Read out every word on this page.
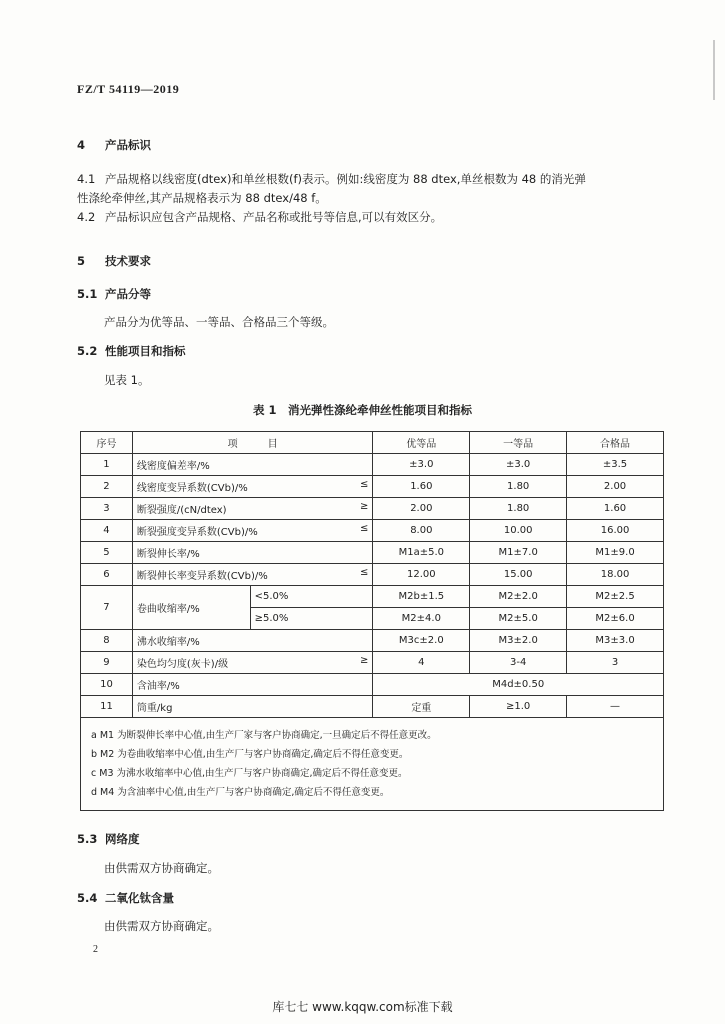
FZ/T 54119—2019
4 产品标识
4.1 产品规格以线密度(dtex)和单丝根数(f)表示。例如:线密度为 88 dtex,单丝根数为 48 的消光弹
性涤纶牵伸丝,其产品规格表示为 88 dtex/48 f。
4.2 产品标识应包含产品规格、产品名称或批号等信息,可以有效区分。
5 技术要求
5.1 产品分等
产品分为优等品、一等品、合格品三个等级。
5.2 性能项目和指标
见表 1。
表 1　消光弹性涤纶牵伸丝性能项目和指标
序号	项　　　目		优等品	一等品	合格品
1	线密度偏差率/%		±3.0	±3.0	±3.5
2	线密度变异系数(CVb)/% ≤		1.60	1.80	2.00
3	断裂强度/(cN/dtex) ≥		2.00	1.80	1.60
4	断裂强度变异系数(CVb)/% ≤		8.00	10.00	16.00
5	断裂伸长率/%		M1a±5.0	M1±7.0	M1±9.0
6	断裂伸长率变异系数(CVb)/% ≤		12.00	15.00	18.00
7	卷曲收缩率/%	<5.0%	M2b±1.5	M2±2.0	M2±2.5
		≥5.0%	M2±4.0	M2±5.0	M2±6.0
8	沸水收缩率/%		M3c±2.0	M3±2.0	M3±3.0
9	染色均匀度(灰卡)/级 ≥		4	3-4	3
10	含油率/%		M4d±0.50		
11	筒重/kg		定重	≥1.0	—

a M1 为断裂伸长率中心值,由生产厂家与客户协商确定,一旦确定后不得任意更改。
b M2 为卷曲收缩率中心值,由生产厂与客户协商确定,确定后不得任意变更。
c M3 为沸水收缩率中心值,由生产厂与客户协商确定,确定后不得任意变更。
d M4 为含油率中心值,由生产厂与客户协商确定,确定后不得任意变更。					
5.3 网络度
由供需双方协商确定。
5.4 二氧化钛含量
由供需双方协商确定。
2
库七七 www.kqqw.com标准下载
